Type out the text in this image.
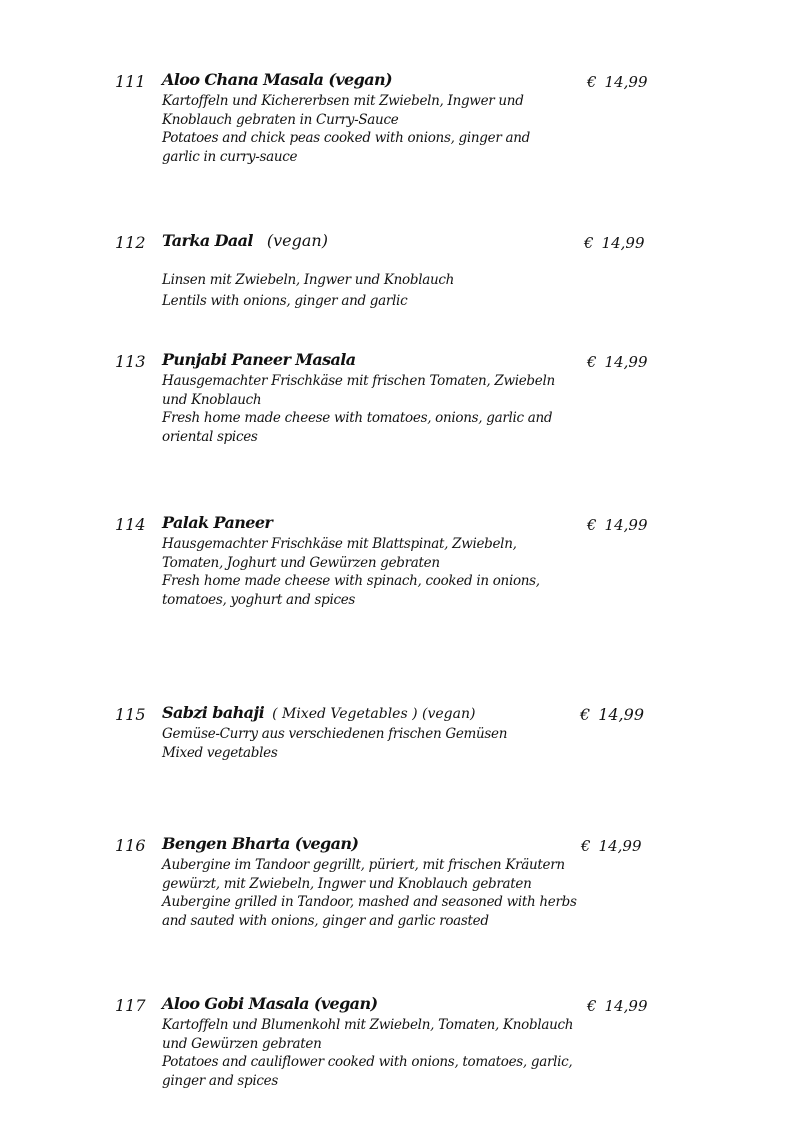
111 Aloo Chana Masala (vegan)	€ 14,99
Kartoffeln und Kichererbsen mit Zwiebeln, Ingwer und
Knoblauch gebraten in Curry-Sauce
Potatoes and chick peas cooked with onions, ginger and
garlic in curry-sauce
112 Tarka Daal (vegan)	€ 14,99
Linsen mit Zwiebeln, Ingwer und Knoblauch
Lentils with onions, ginger and garlic
113 Punjabi Paneer Masala	€ 14,99
Hausgemachter Frischkäse mit frischen Tomaten, Zwiebeln
und Knoblauch
Fresh home made cheese with tomatoes, onions, garlic and
oriental spices
114 Palak Paneer	€ 14,99
Hausgemachter Frischkäse mit Blattspinat, Zwiebeln,
Tomaten, Joghurt und Gewürzen gebraten
Fresh home made cheese with spinach, cooked in onions,
tomatoes, yoghurt and spices
115 Sabzi bahaji ( Mixed Vegetables ) (vegan)	€ 14,99
Gemüse-Curry aus verschiedenen frischen Gemüsen
Mixed vegetables
116 Bengen Bharta (vegan)	€ 14,99
Aubergine im Tandoor gegrillt, püriert, mit frischen Kräutern
gewürzt, mit Zwiebeln, Ingwer und Knoblauch gebraten
Aubergine grilled in Tandoor, mashed and seasoned with herbs
and sauted with onions, ginger and garlic roasted
117 Aloo Gobi Masala (vegan)	€ 14,99
Kartoffeln und Blumenkohl mit Zwiebeln, Tomaten, Knoblauch
und Gewürzen gebraten
Potatoes and cauliflower cooked with onions, tomatoes, garlic,
ginger and spices
